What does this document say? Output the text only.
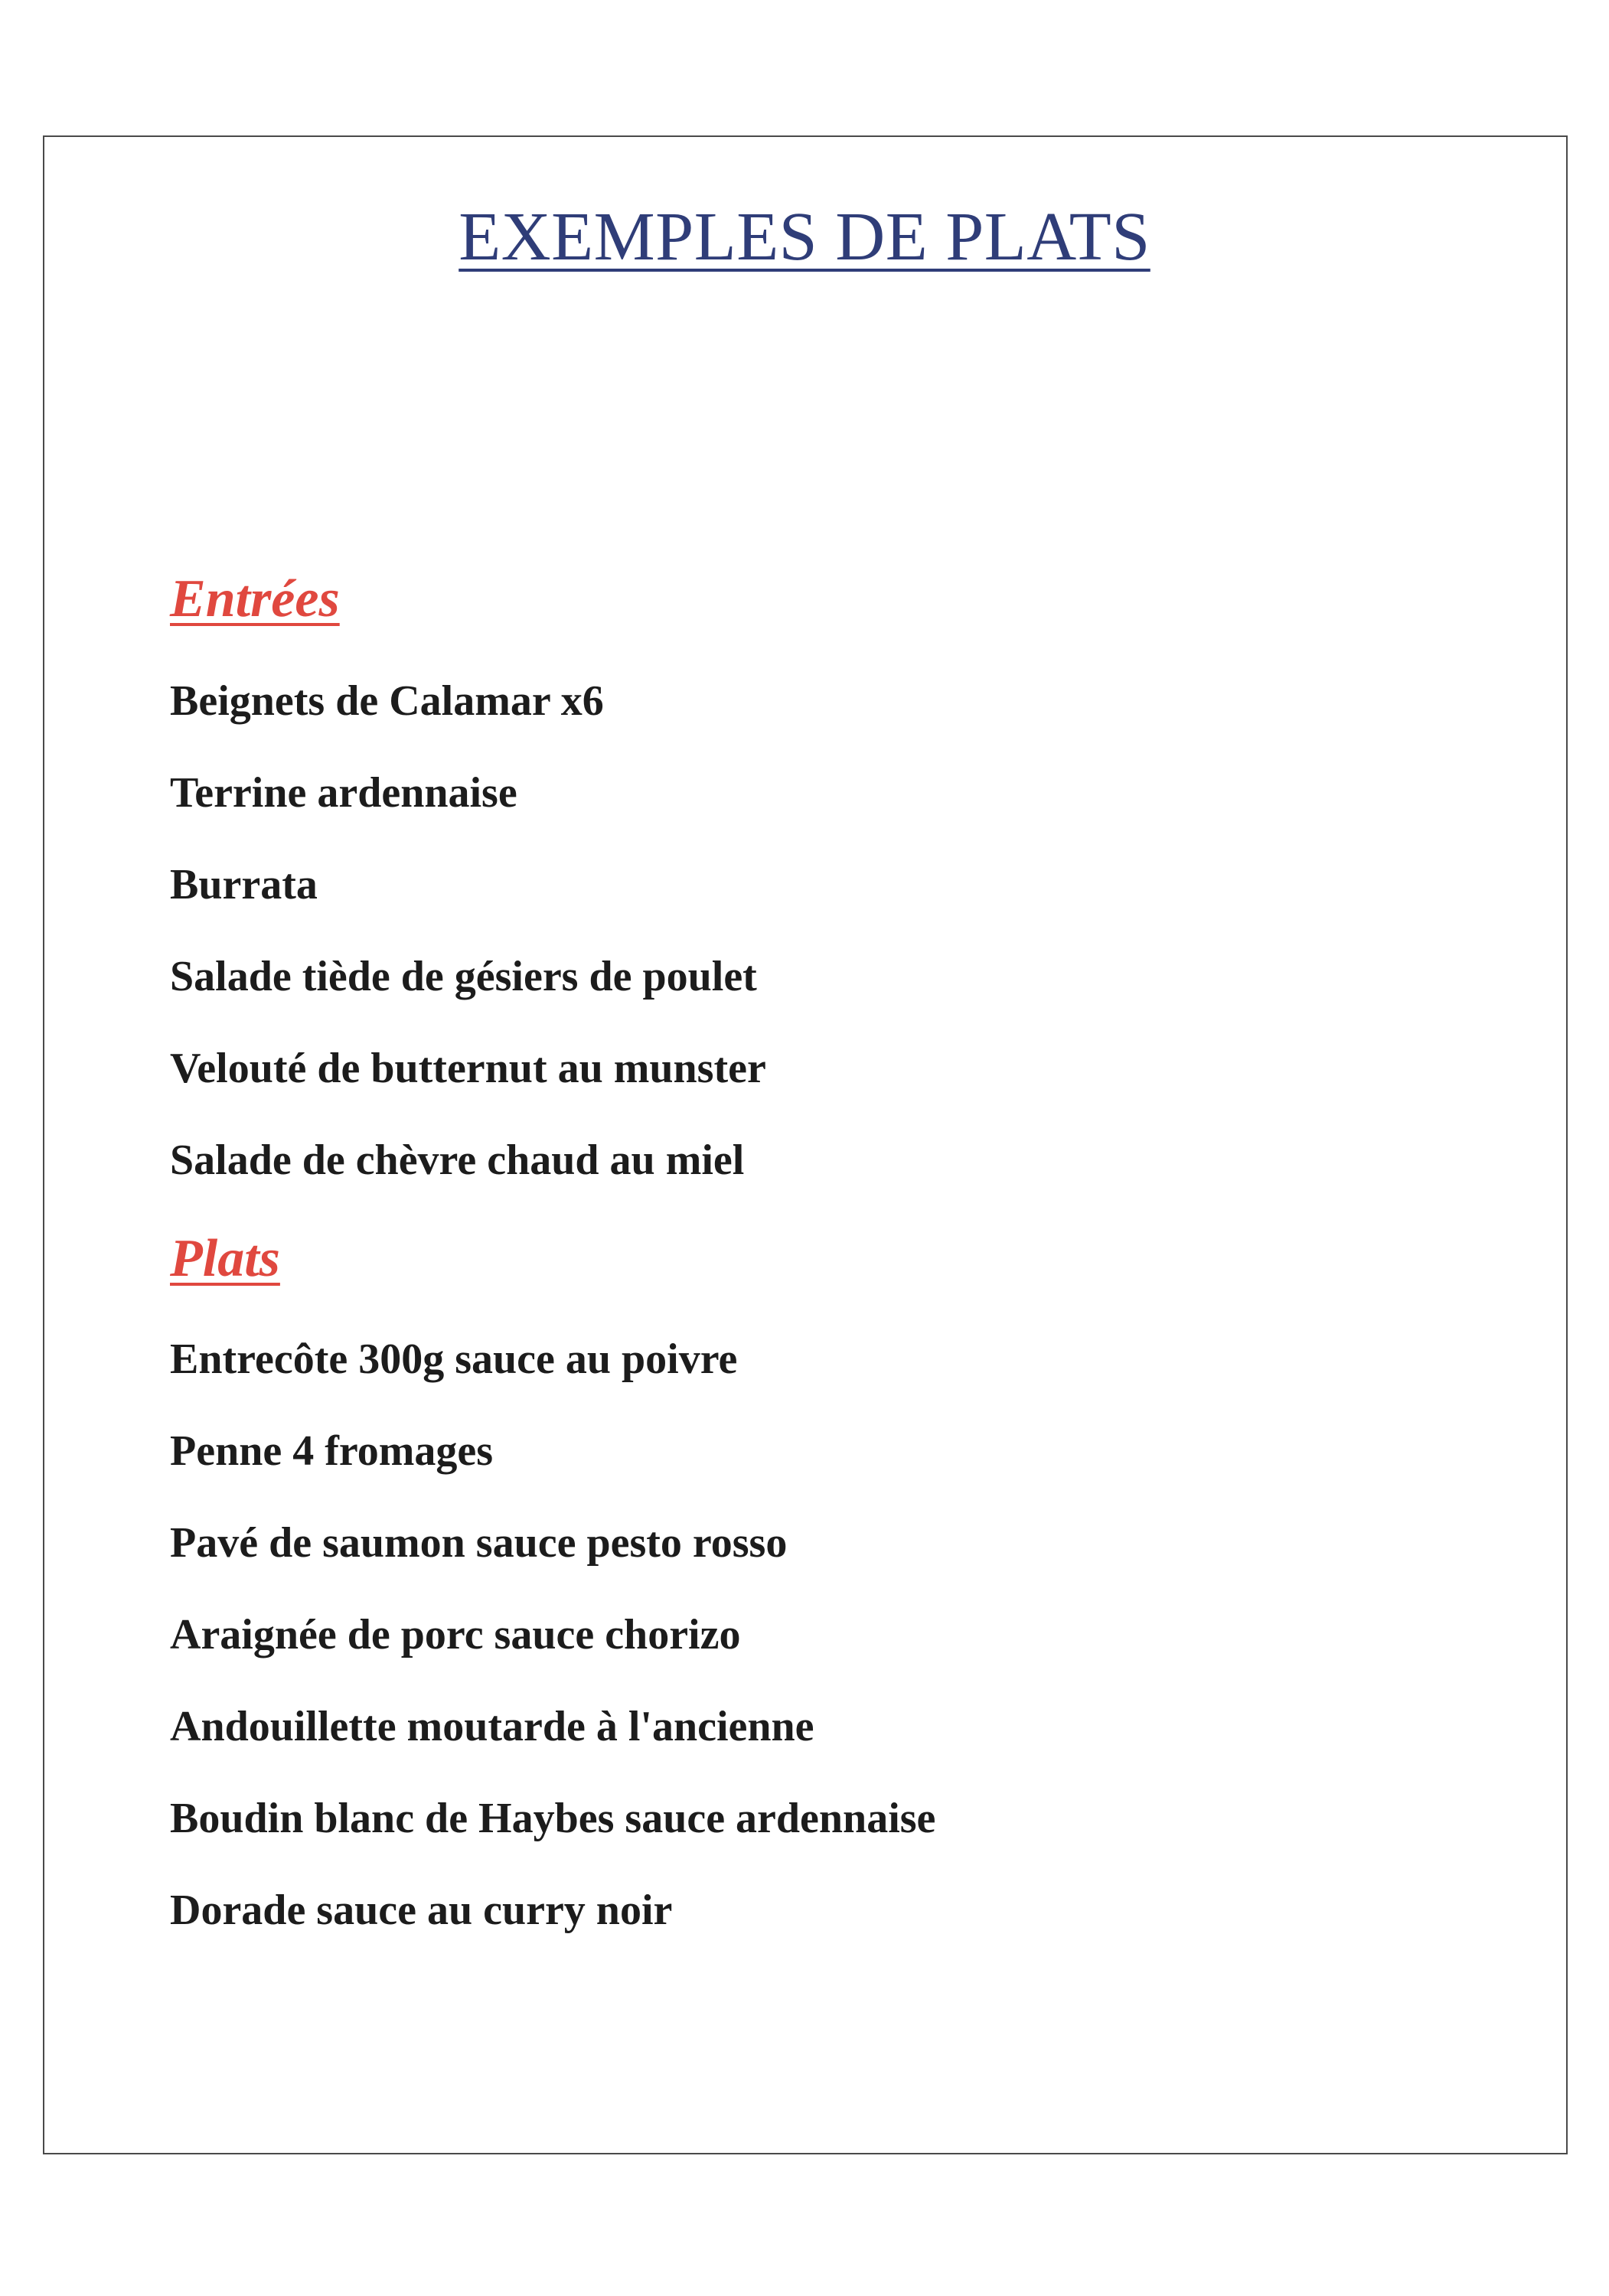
EXEMPLES DE PLATS
Entrées
Beignets de Calamar x6
Terrine ardennaise
Burrata
Salade tiède de gésiers de poulet
Velouté de butternut au munster
Salade de chèvre chaud au miel
Plats
Entrecôte 300g sauce au poivre
Penne 4 fromages
Pavé de saumon sauce pesto rosso
Araignée de porc sauce chorizo
Andouillette moutarde à l'ancienne
Boudin blanc de Haybes sauce ardennaise
Dorade sauce au curry noir
